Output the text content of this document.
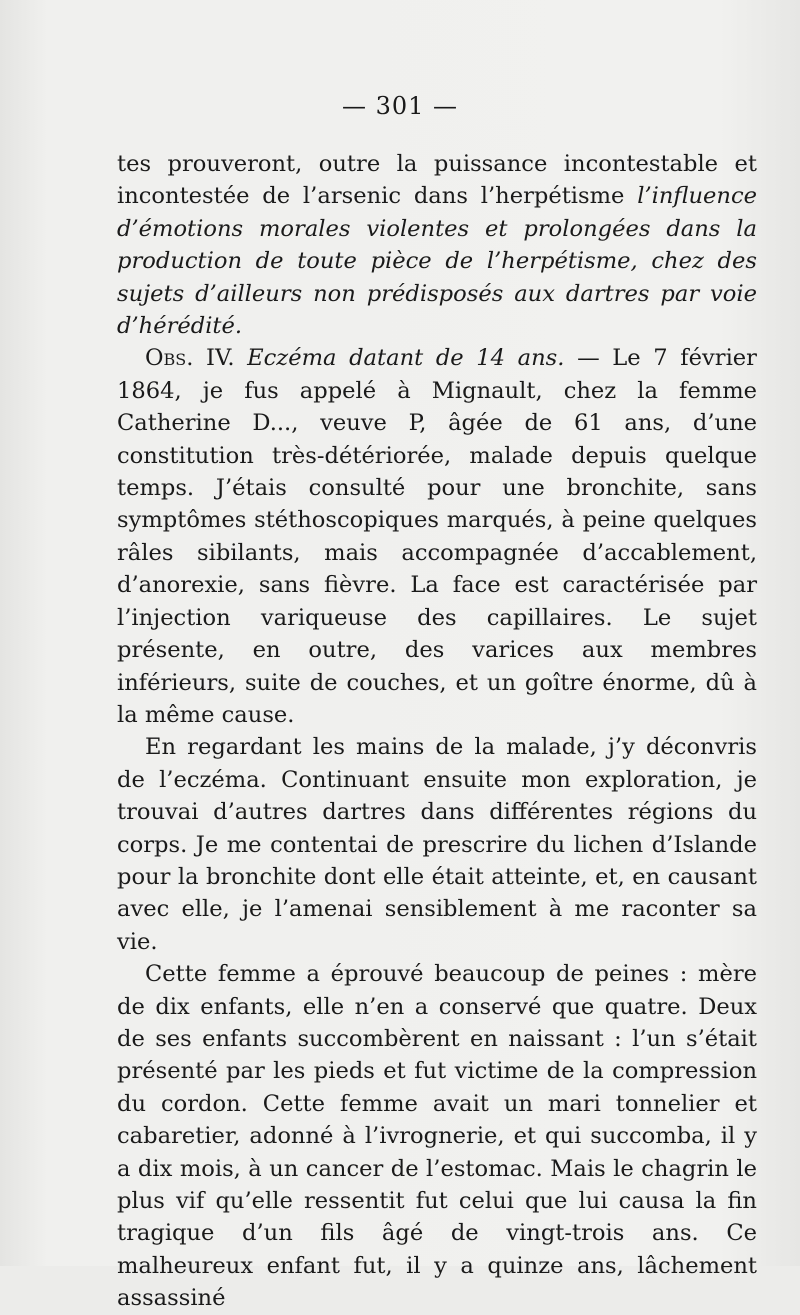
— 301 —

tes prouveront, outre la puissance incontestable et incontestée de l’arsenic dans l’herpétisme l’influence d’émotions morales violentes et prolongées dans la production de toute pièce de l’herpétisme, chez des sujets d’ailleurs non prédisposés aux dartres par voie d’hérédité.

Obs. IV. Eczéma datant de 14 ans. — Le 7 février 1864, je fus appelé à Mignault, chez la femme Catherine D..., veuve P, âgée de 61 ans, d’une constitution très-détériorée, malade depuis quelque temps. J’étais consulté pour une bronchite, sans symptômes stéthoscopiques marqués, à peine quelques râles sibilants, mais accompagnée d’accablement, d’anorexie, sans fièvre. La face est caractérisée par l’injection variqueuse des capillaires. Le sujet présente, en outre, des varices aux membres inférieurs, suite de couches, et un goître énorme, dû à la même cause.

En regardant les mains de la malade, j’y déconvris de l’eczéma. Continuant ensuite mon exploration, je trouvai d’autres dartres dans différentes régions du corps. Je me contentai de prescrire du lichen d’Islande pour la bronchite dont elle était atteinte, et, en causant avec elle, je l’amenai sensiblement à me raconter sa vie.

Cette femme a éprouvé beaucoup de peines : mère de dix enfants, elle n’en a conservé que quatre. Deux de ses enfants succombèrent en naissant : l’un s’était présenté par les pieds et fut victime de la compression du cordon. Cette femme avait un mari tonnelier et cabaretier, adonné à l’ivrognerie, et qui succomba, il y a dix mois, à un cancer de l’estomac. Mais le chagrin le plus vif qu’elle ressentit fut celui que lui causa la fin tragique d’un fils âgé de vingt-trois ans. Ce malheureux enfant fut, il y a quinze ans, lâchement assassiné
